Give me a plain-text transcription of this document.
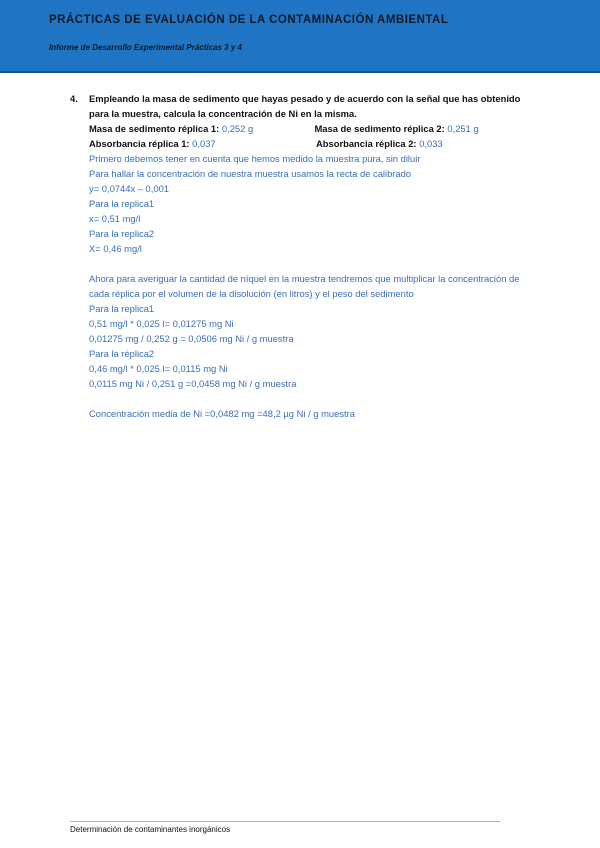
PRÁCTICAS DE EVALUACIÓN DE LA CONTAMINACIÓN AMBIENTAL
Informe de Desarrollo Experimental Prácticas 3 y 4
4. Empleando la masa de sedimento que hayas pesado y de acuerdo con la señal que has obtenido para la muestra, calcula la concentración de Ni en la misma.
Masa de sedimento réplica 1: 0,252 g	Masa de sedimento réplica 2: 0,251 g
Absorbancia réplica 1: 0,037	Absorbancia réplica 2: 0,033
Primero debemos tener en cuenta que hemos medido la muestra pura, sin diluir
Para hallar la concentración de nuestra muestra usamos la recta de calibrado
y= 0,0744x – 0,001
Para la replica1
x= 0,51 mg/l
Para la replica2
X= 0,46 mg/l
Ahora para averiguar la cantidad de níquel en la muestra tendremos que multiplicar la concentración de cada réplica por el volumen de la disolución (en litros) y el peso del sedimento
Para la replica1
0,51 mg/l * 0,025 l= 0,01275 mg Ni
0,01275 mg / 0,252 g = 0,0506 mg Ni / g muestra
Para la réplica2
0,46 mg/l * 0,025 l= 0,0115 mg Ni
0,0115 mg Ni / 0,251 g =0,0458 mg Ni / g muestra
Concentración media de Ni =0,0482 mg =48,2 µg Ni / g muestra
Determinación de contaminantes inorgánicos
